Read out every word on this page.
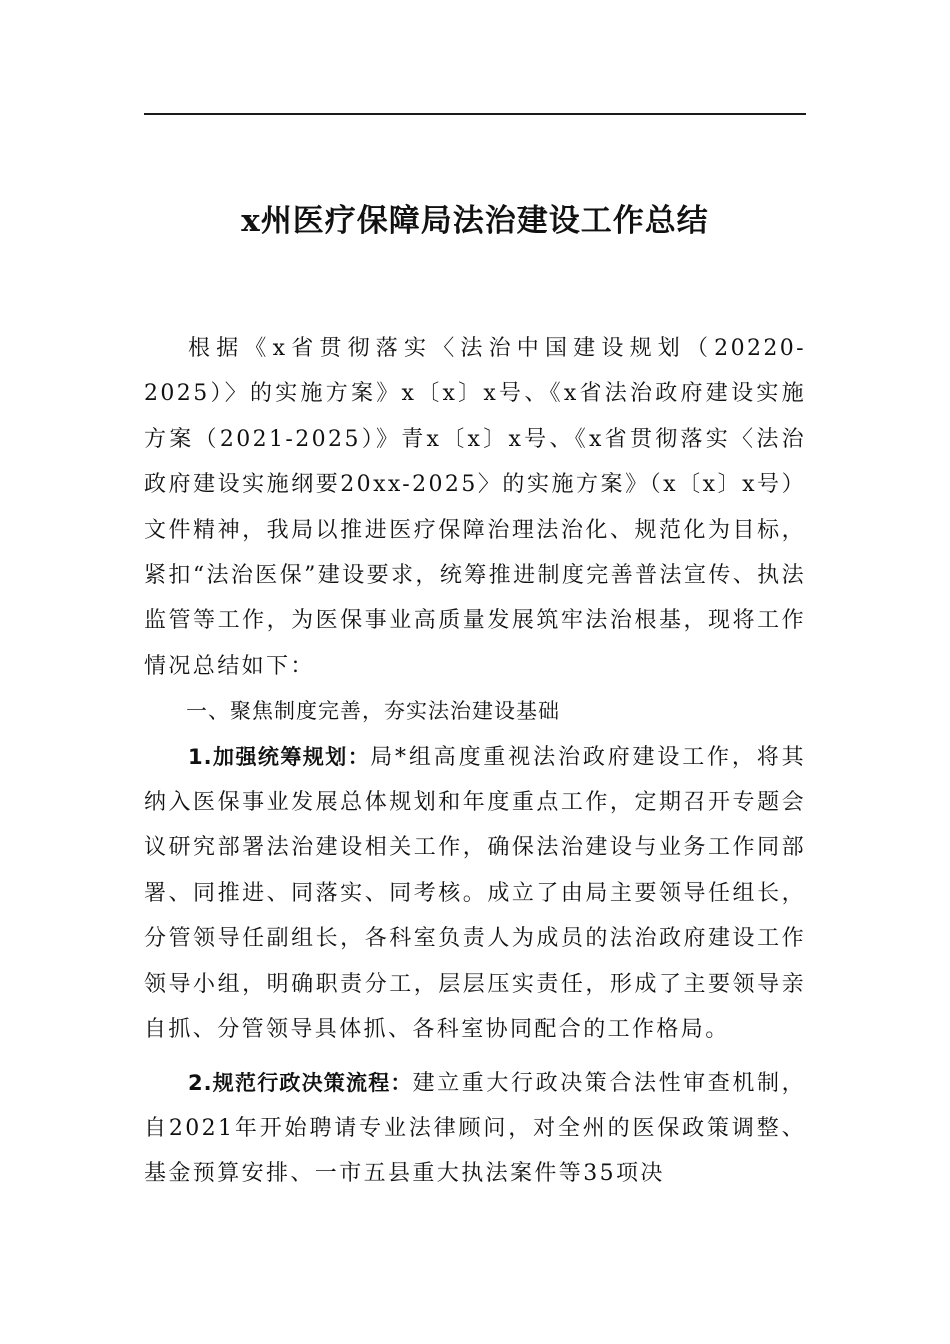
x州医疗保障局法治建设工作总结

根据《x省贯彻落实〈法治中国建设规划（20220-2025）〉的实施方案》x〔x〕x号、《x省法治政府建设实施方案（2021-2025）》青x〔x〕x号、《x省贯彻落实〈法治政府建设实施纲要20xx-2025〉的实施方案》（x〔x〕x号）文件精神，我局以推进医疗保障治理法治化、规范化为目标，紧扣“法治医保”建设要求，统筹推进制度完善普法宣传、执法监管等工作，为医保事业高质量发展筑牢法治根基，现将工作情况总结如下：

一、聚焦制度完善，夯实法治建设基础

1.加强统筹规划：局*组高度重视法治政府建设工作，将其纳入医保事业发展总体规划和年度重点工作，定期召开专题会议研究部署法治建设相关工作，确保法治建设与业务工作同部署、同推进、同落实、同考核。成立了由局主要领导任组长，分管领导任副组长，各科室负责人为成员的法治政府建设工作领导小组，明确职责分工，层层压实责任，形成了主要领导亲自抓、分管领导具体抓、各科室协同配合的工作格局。

2.规范行政决策流程：建立重大行政决策合法性审查机制，自2021年开始聘请专业法律顾问，对全州的医保政策调整、基金预算安排、一市五县重大执法案件等35项决
